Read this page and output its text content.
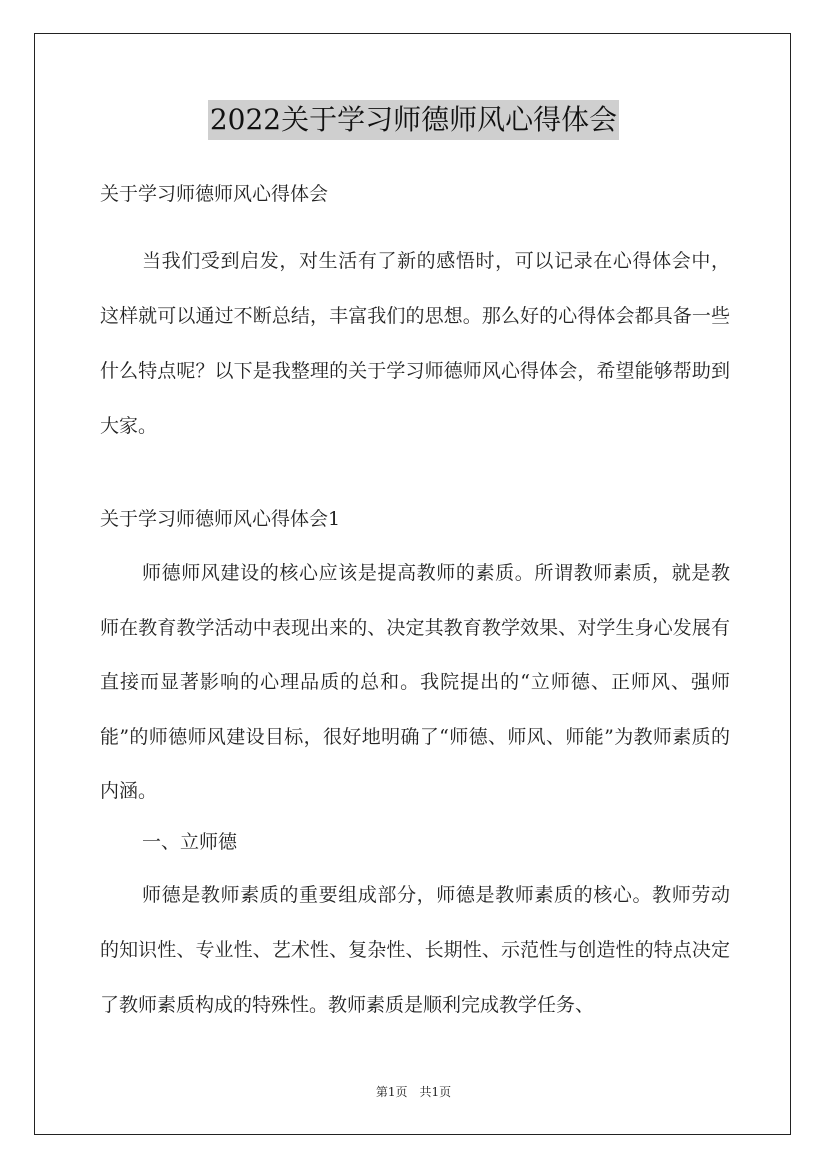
2022关于学习师德师风心得体会
关于学习师德师风心得体会
当我们受到启发，对生活有了新的感悟时，可以记录在心得体会中，这样就可以通过不断总结，丰富我们的思想。那么好的心得体会都具备一些什么特点呢？以下是我整理的关于学习师德师风心得体会，希望能够帮助到大家。
关于学习师德师风心得体会1
师德师风建设的核心应该是提高教师的素质。所谓教师素质，就是教师在教育教学活动中表现出来的、决定其教育教学效果、对学生身心发展有直接而显著影响的心理品质的总和。我院提出的“立师德、正师风、强师能”的师德师风建设目标，很好地明确了“师德、师风、师能”为教师素质的内涵。
一、立师德
师德是教师素质的重要组成部分，师德是教师素质的核心。教师劳动的知识性、专业性、艺术性、复杂性、长期性、示范性与创造性的特点决定了教师素质构成的特殊性。教师素质是顺利完成教学任务、
第1页　共1页
